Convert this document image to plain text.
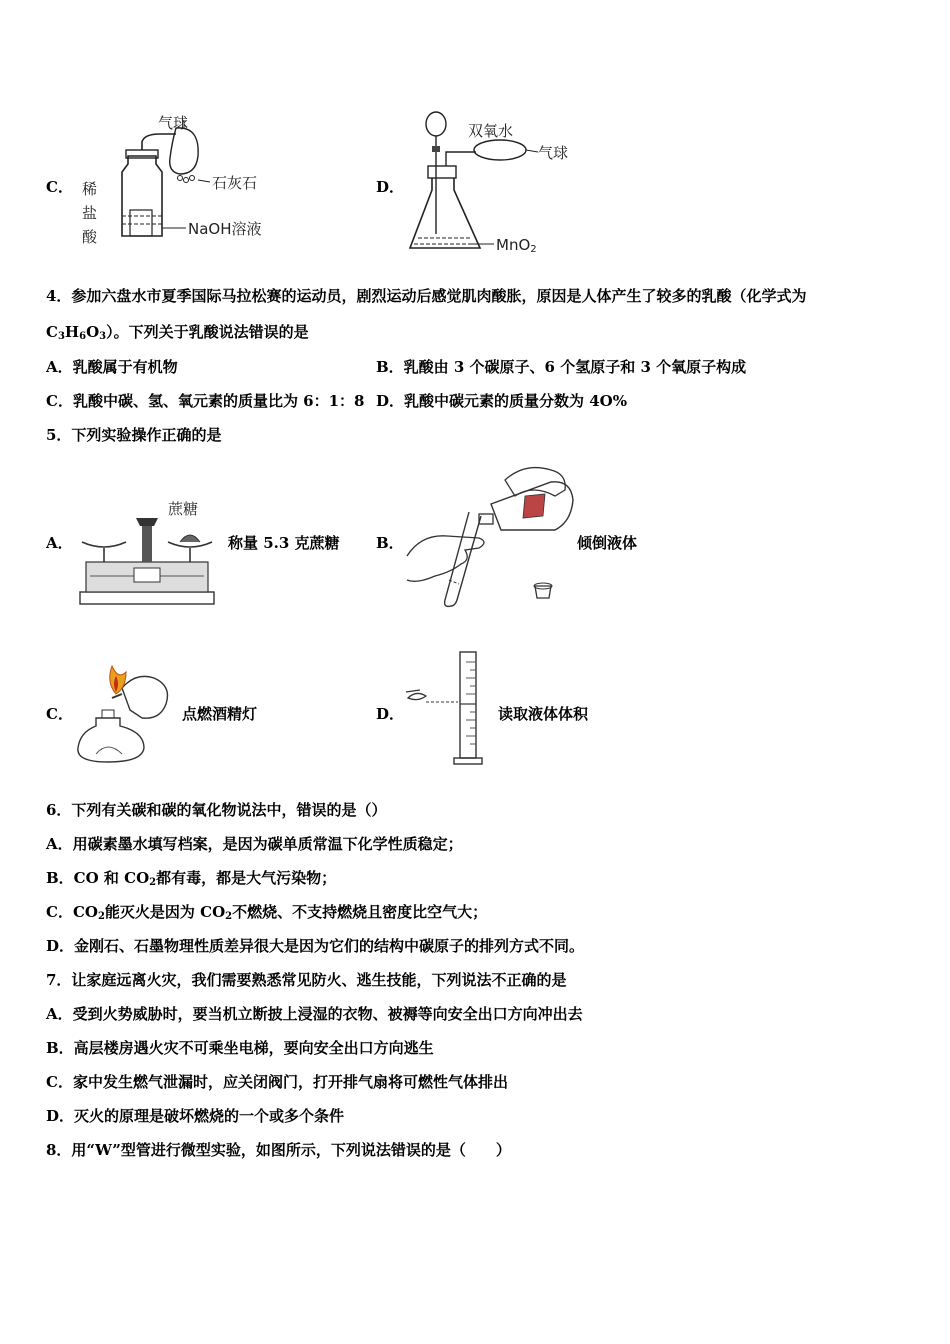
C．
气球
石灰石
稀
盐
酸	NaOH溶液
D．
双氧水
气球
MnO$_2$
4．参加六盘水市夏季国际马拉松赛的运动员，剧烈运动后感觉肌肉酸胀，原因是人体产生了较多的乳酸（化学式为
$C_3H_6O_3$）。下列关于乳酸说法错误的是
A．乳酸属于有机物	B．乳酸由 3 个碳原子、6 个氢原子和 3 个氧原子构成
C．乳酸中碳、氢、氧元素的质量比为 6：1：8 D．乳酸中碳元素的质量分数为 4O%
5．下列实验操作正确的是
A．
蔗糖
称量 5.3 克蔗糖 B．	倾倒液体
C．	点燃酒精灯	D．	读取液体体积
6．下列有关碳和碳的氧化物说法中，错误的是（）
A．用碳素墨水填写档案，是因为碳单质常温下化学性质稳定；
B．CO 和 $CO_2$都有毒，都是大气污染物；
C．$CO_2$能灭火是因为 $CO_2$不燃烧、不支持燃烧且密度比空气大；
D．金刚石、石墨物理性质差异很大是因为它们的结构中碳原子的排列方式不同。
7．让家庭远离火灾，我们需要熟悉常见防火、逃生技能，下列说法不正确的是
A．受到火势威胁时，要当机立断披上浸湿的衣物、被褥等向安全出口方向冲出去
B．高层楼房遇火灾不可乘坐电梯，要向安全出口方向逃生
C．家中发生燃气泄漏时，应关闭阀门，打开排气扇将可燃性气体排出
D．灭火的原理是破坏燃烧的一个或多个条件
8．用“W”型管进行微型实验，如图所示，下列说法错误的是（　　）
